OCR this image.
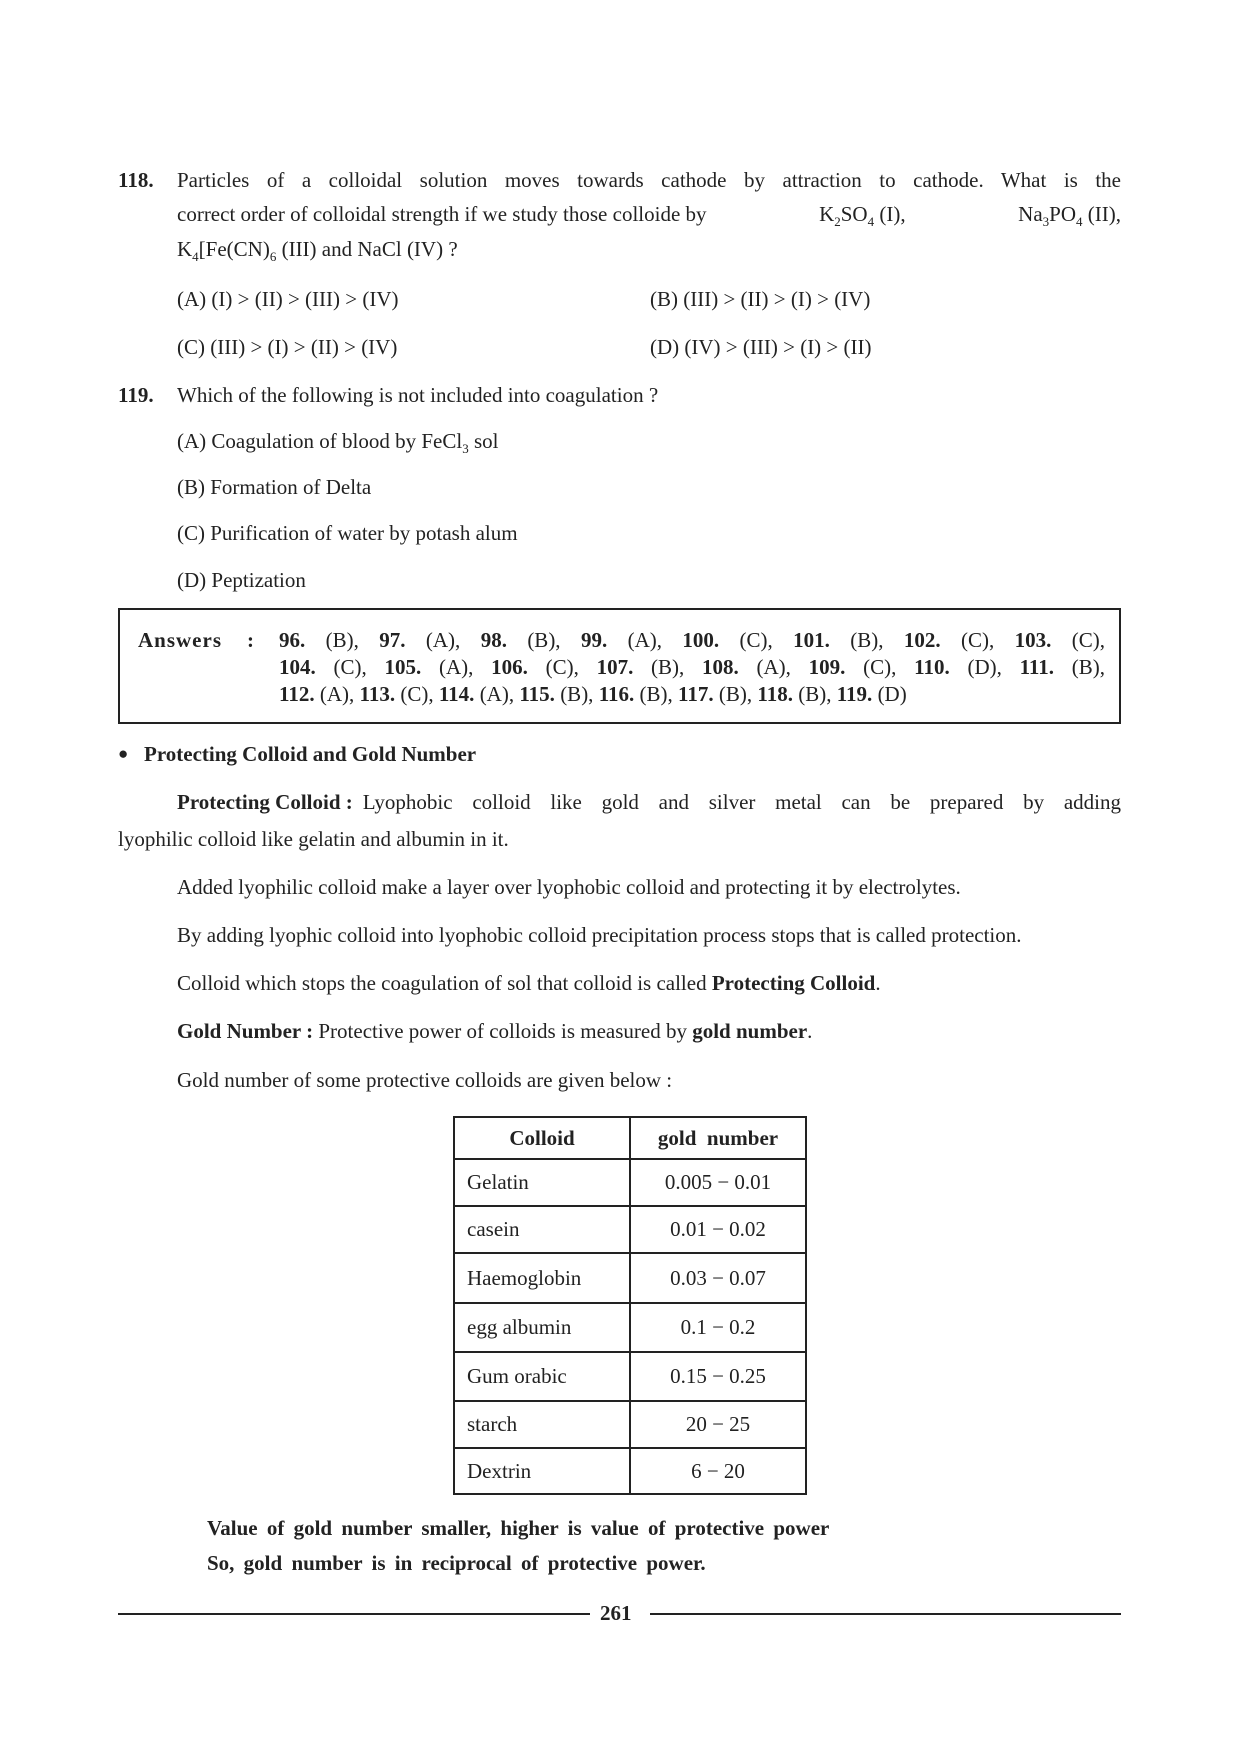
118. Particles of a colloidal solution moves towards cathode by attraction to cathode. What is the
correct order of colloidal strength if we study those colloide by	$K_2SO_4$ (I),	$Na_3PO_4$ (II),
$K_4[Fe(CN)_6$ (III) and NaCl (IV) ?
(A) (I) > (II) > (III) > (IV)	(B) (III) > (II) > (I) > (IV)
(C) (III) > (I) > (II) > (IV)	(D) (IV) > (III) > (I) > (II)
119. Which of the following is not included into coagulation ?
(A) Coagulation of blood by FeCl$_3$ sol
(B) Formation of Delta
(C) Purification of water by potash alum
(D) Peptization
Answers : 96. (B), 97. (A), 98. (B), 99. (A), 100. (C), 101. (B), 102. (C), 103. (C),
104. (C), 105. (A), 106. (C), 107. (B), 108. (A), 109. (C), 110. (D), 111. (B),
112. (A), 113. (C), 114. (A), 115. (B), 116. (B), 117. (B), 118. (B), 119. (D)
● Protecting Colloid and Gold Number
Protecting Colloid : Lyophobic colloid like gold and silver metal can be prepared by adding
lyophilic colloid like gelatin and albumin in it.
Added lyophilic colloid make a layer over lyophobic colloid and protecting it by electrolytes.
By adding lyophic colloid into lyophobic colloid precipitation process stops that is called protection.
Colloid which stops the coagulation of sol that colloid is called Protecting Colloid.
Gold Number : Protective power of colloids is measured by gold number.
Gold number of some protective colloids are given below :
Colloid	gold  number
Gelatin	0.005 − 0.01
casein	0.01 − 0.02
Haemoglobin	0.03 − 0.07
egg albumin	0.1 − 0.2
Gum orabic	0.15 − 0.25
starch	20 − 25
Dextrin	6 − 20
Value of gold number smaller, higher is value of protective power
So, gold number is in reciprocal of protective power.
261
